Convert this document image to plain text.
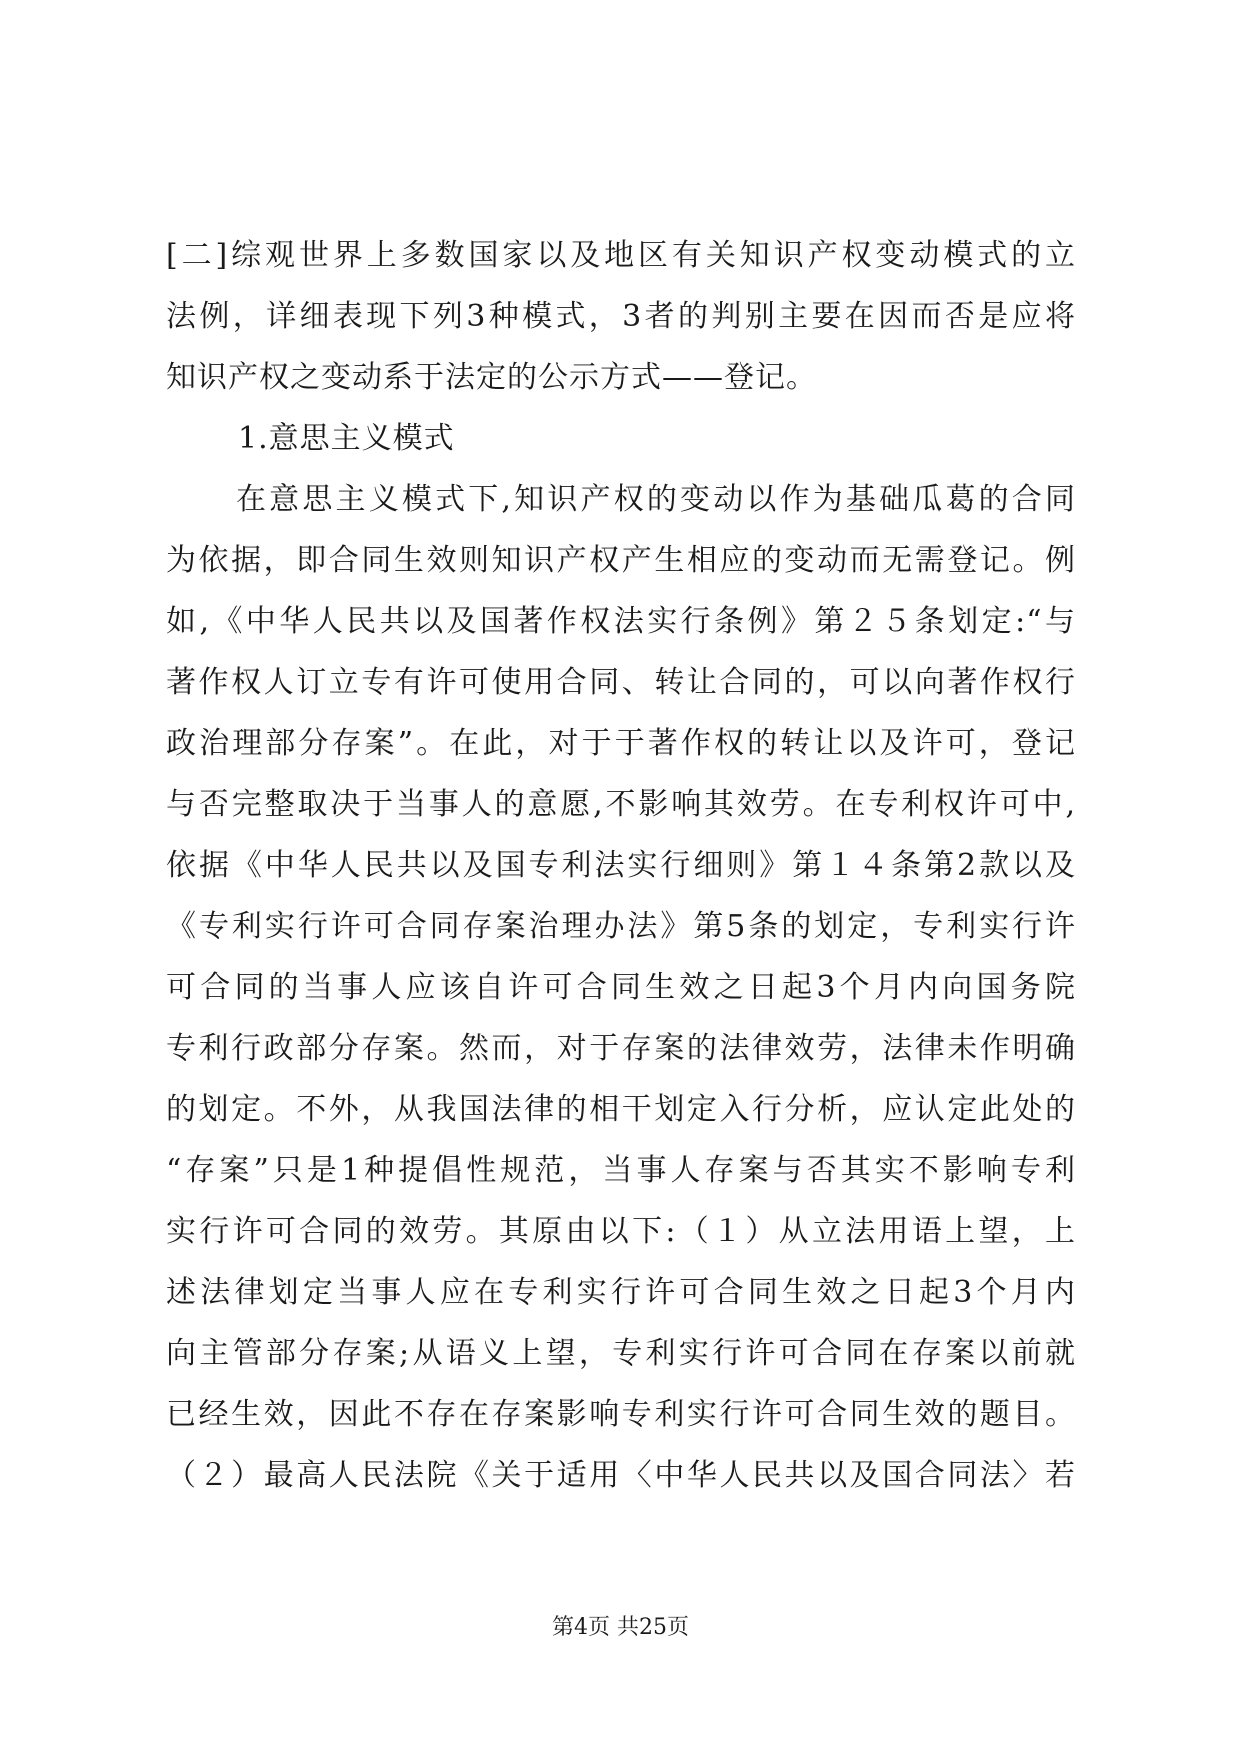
[二]综观世界上多数国家以及地区有关知识产权变动模式的立
法例，详细表现下列3种模式，3者的判别主要在因而否是应将
知识产权之变动系于法定的公示方式——登记。
1.意思主义模式
在意思主义模式下,知识产权的变动以作为基础瓜葛的合同
为依据，即合同生效则知识产权产生相应的变动而无需登记。例
如,《中华人民共以及国著作权法实行条例》第２５条划定:“与
著作权人订立专有许可使用合同、转让合同的，可以向著作权行
政治理部分存案”。在此，对于于著作权的转让以及许可，登记
与否完整取决于当事人的意愿,不影响其效劳。在专利权许可中,
依据《中华人民共以及国专利法实行细则》第１４条第2款以及
《专利实行许可合同存案治理办法》第5条的划定，专利实行许
可合同的当事人应该自许可合同生效之日起3个月内向国务院
专利行政部分存案。然而，对于存案的法律效劳，法律未作明确
的划定。不外，从我国法律的相干划定入行分析，应认定此处的
“存案”只是1种提倡性规范，当事人存案与否其实不影响专利
实行许可合同的效劳。其原由以下:（１）从立法用语上望，上
述法律划定当事人应在专利实行许可合同生效之日起3个月内
向主管部分存案;从语义上望，专利实行许可合同在存案以前就
已经生效，因此不存在存案影响专利实行许可合同生效的题目。
（２）最高人民法院《关于适用〈中华人民共以及国合同法〉若
第4页 共25页
